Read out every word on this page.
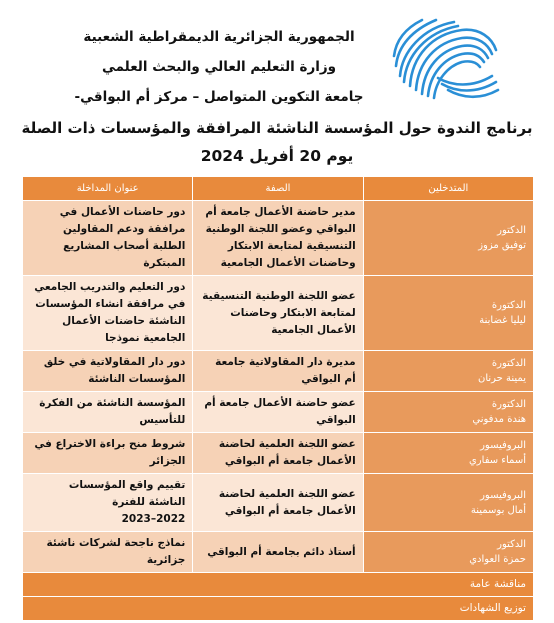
الجمهورية الجزائرية الديمقراطية الشعبية
وزارة التعليم العالي والبحث العلمي
جامعة التكوين المتواصل – مركز أم البواقي-
برنامج الندوة حول المؤسسة الناشئة المرافقة والمؤسسات ذات الصلة
يوم 20 أفريل 2024
المتدخلين	الصفة	عنوان المداخلة

الدكتور
توفيق مزوز	مدير حاضنة الأعمال جامعة أم البواقي وعضو اللجنة الوطنية التنسيقية لمتابعة الابتكار وحاضنات الأعمال الجامعية	دور حاضنات الأعمال في مرافقة ودعم المقاولين الطلبة أصحاب المشاريع المبتكرة

الدكتورة
ليليا غضابنة	عضو اللجنة الوطنية التنسيقية لمتابعة الابتكار وحاضنات الأعمال الجامعية	دور التعليم والتدريب الجامعي في مرافقة انشاء المؤسسات الناشئة حاضنات الأعمال الجامعية نموذجا

الدكتورة
يمينة حرنان	مديرة دار المقاولاتية جامعة أم البواقي	دور دار المقاولاتية في خلق المؤسسات الناشئة

الدكتورة
هندة مدفوني	عضو حاضنة الأعمال جامعة أم البواقي	المؤسسة الناشئة من الفكرة للتأسيس

البروفيسور
أسماء سفاري	عضو اللجنة العلمية لحاضنة الأعمال جامعة أم البواقي	شروط منح براءة الاختراع في الجزائر

البروفيسور
أمال بوسمينة	عضو اللجنة العلمية لحاضنة الأعمال جامعة أم البواقي	تقييم واقع المؤسسات الناشئة للفترة
2022–2023

الدكتور
حمزة العوادي	أستاذ دائم بجامعة أم البواقي	نماذج ناجحة لشركات ناشئة جزائرية
مناقشة عامة		
توزيع الشهادات		
